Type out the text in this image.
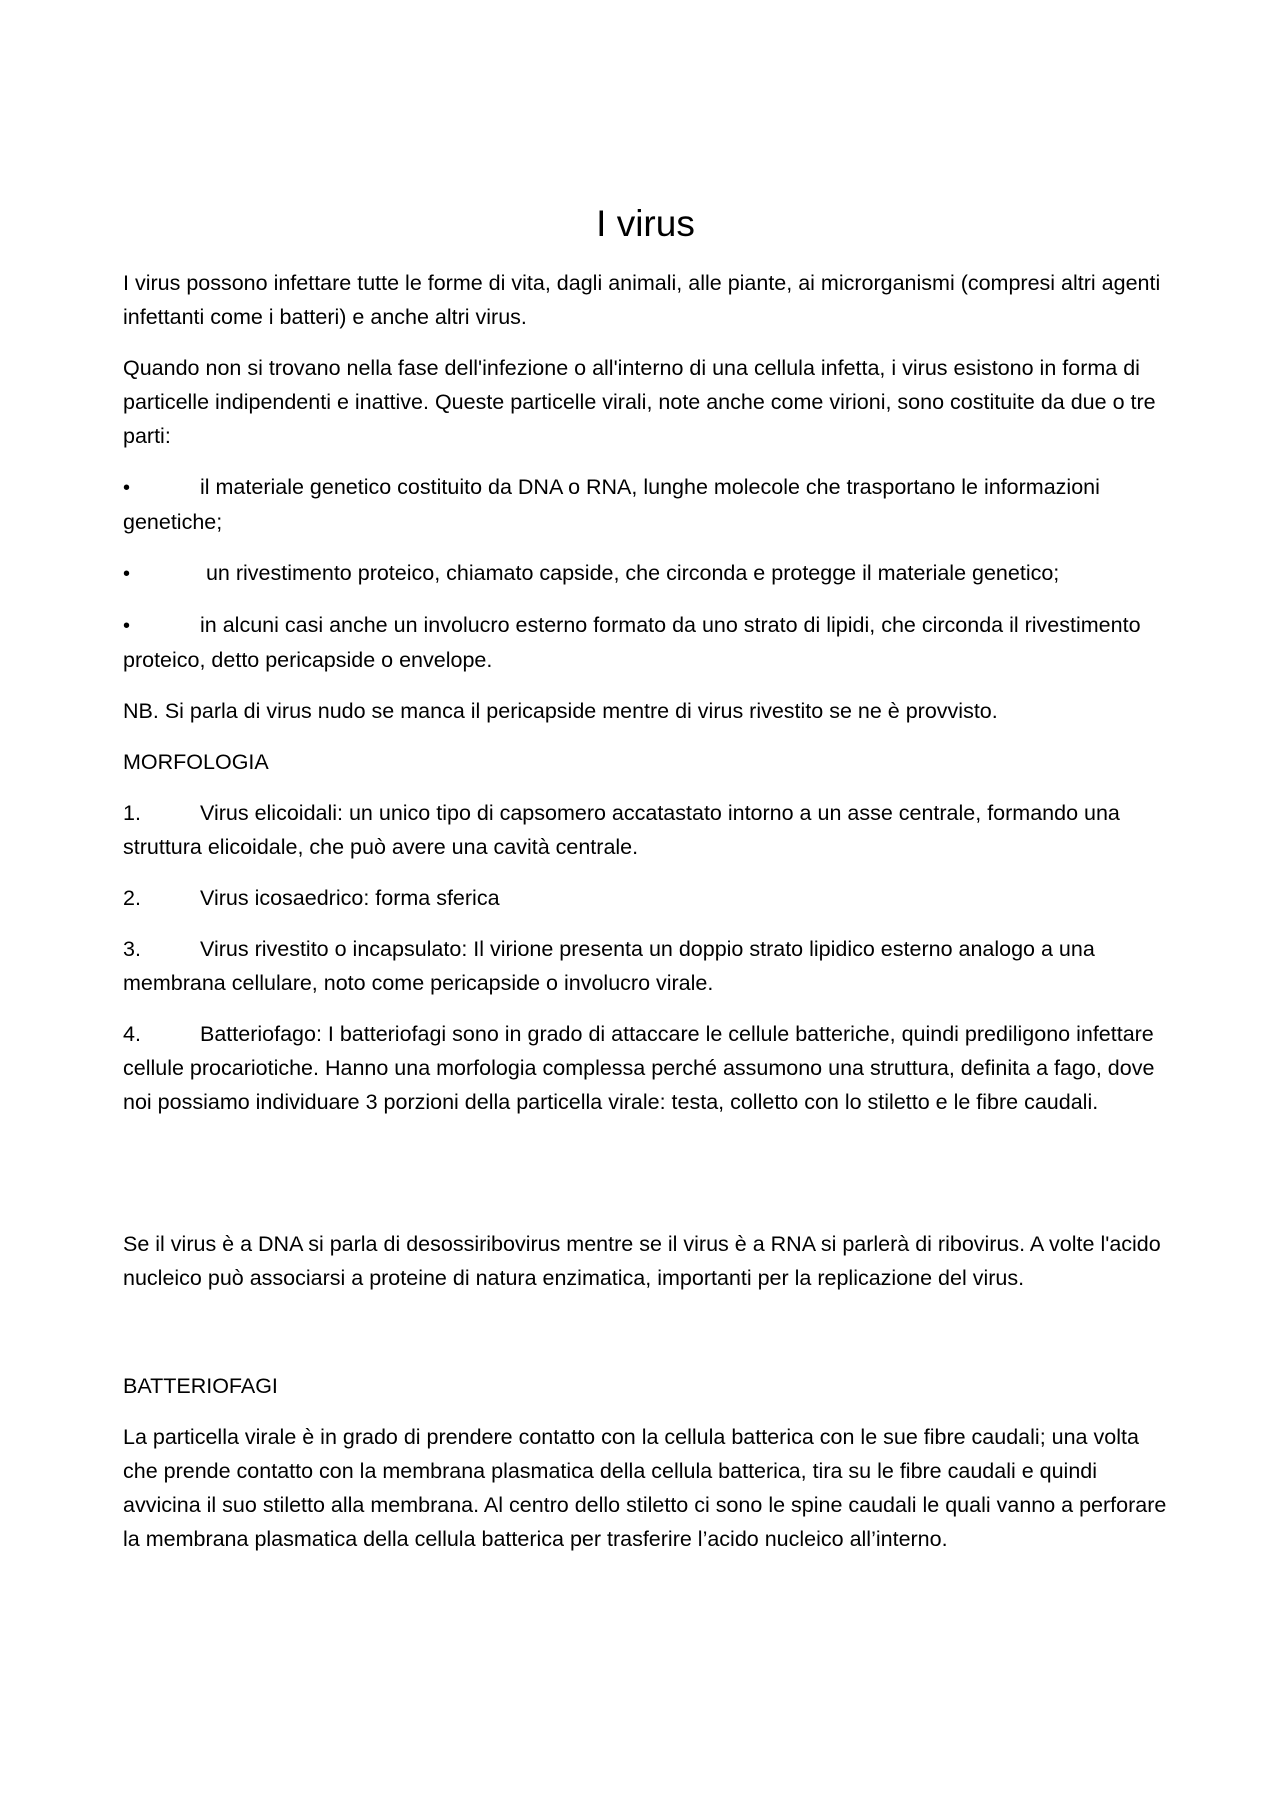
I virus

I virus possono infettare tutte le forme di vita, dagli animali, alle piante, ai microrganismi (compresi altri agenti infettanti come i batteri) e anche altri virus.

Quando non si trovano nella fase dell'infezione o all'interno di una cellula infetta, i virus esistono in forma di particelle indipendenti e inattive. Queste particelle virali, note anche come virioni, sono costituite da due o tre parti:

•	il materiale genetico costituito da DNA o RNA, lunghe molecole che trasportano le informazioni genetiche;

•	un rivestimento proteico, chiamato capside, che circonda e protegge il materiale genetico;

•	in alcuni casi anche un involucro esterno formato da uno strato di lipidi, che circonda il rivestimento proteico, detto pericapside o envelope.

NB. Si parla di virus nudo se manca il pericapside mentre di virus rivestito se ne è provvisto.

MORFOLOGIA

1.	Virus elicoidali: un unico tipo di capsomero accatastato intorno a un asse centrale, formando una struttura elicoidale, che può avere una cavità centrale.

2.	Virus icosaedrico: forma sferica

3.	Virus rivestito o incapsulato: Il virione presenta un doppio strato lipidico esterno analogo a una membrana cellulare, noto come pericapside o involucro virale.

4.	Batteriofago: I batteriofagi sono in grado di attaccare le cellule batteriche, quindi prediligono infettare cellule procariotiche. Hanno una morfologia complessa perché assumono una struttura, definita a fago, dove noi possiamo individuare 3 porzioni della particella virale: testa, colletto con lo stiletto e le fibre caudali.

Se il virus è a DNA si parla di desossiribovirus mentre se il virus è a RNA si parlerà di ribovirus. A volte l'acido nucleico può associarsi a proteine di natura enzimatica, importanti per la replicazione del virus.

BATTERIOFAGI

La particella virale è in grado di prendere contatto con la cellula batterica con le sue fibre caudali; una volta che prende contatto con la membrana plasmatica della cellula batterica, tira su le fibre caudali e quindi avvicina il suo stiletto alla membrana. Al centro dello stiletto ci sono le spine caudali le quali vanno a perforare la membrana plasmatica della cellula batterica per trasferire l’acido nucleico all’interno.
